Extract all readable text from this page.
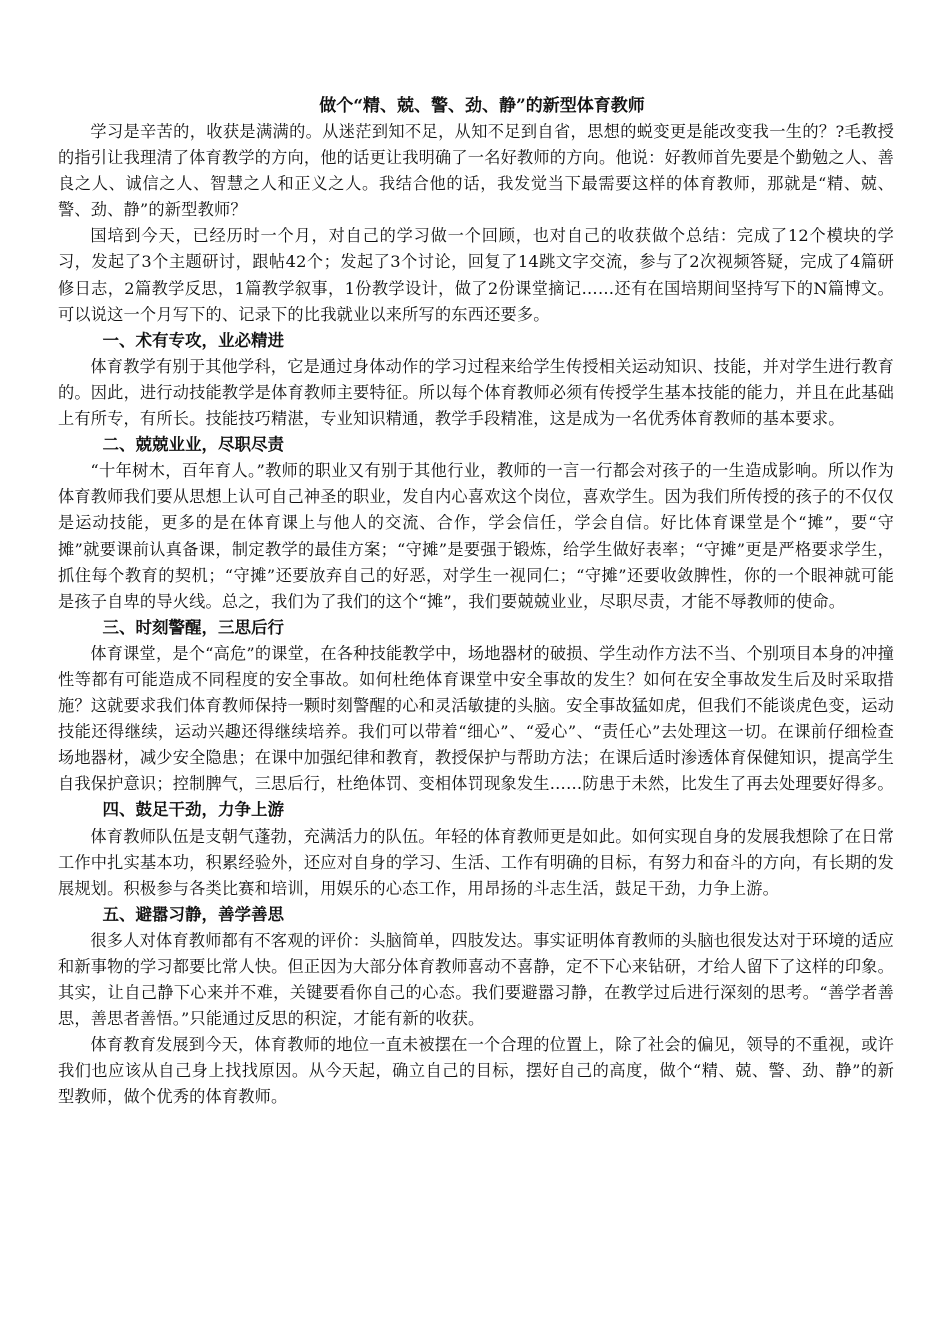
做个“精、兢、警、劲、静”的新型体育教师

学习是辛苦的，收获是满满的。从迷茫到知不足，从知不足到自省，思想的蜕变更是能改变我一生的？?毛教授的指引让我理清了体育教学的方向，他的话更让我明确了一名好教师的方向。他说：好教师首先要是个勤勉之人、善良之人、诚信之人、智慧之人和正义之人。我结合他的话，我发觉当下最需要这样的体育教师，那就是“精、兢、警、劲、静”的新型教师？

国培到今天，已经历时一个月，对自己的学习做一个回顾，也对自己的收获做个总结：完成了12个模块的学习，发起了3个主题研讨，跟帖42个；发起了3个讨论，回复了14跳文字交流，参与了2次视频答疑，完成了4篇研修日志，2篇教学反思，1篇教学叙事，1份教学设计，做了2份课堂摘记……还有在国培期间坚持写下的N篇博文。可以说这一个月写下的、记录下的比我就业以来所写的东西还要多。

一、术有专攻，业必精进

体育教学有别于其他学科，它是通过身体动作的学习过程来给学生传授相关运动知识、技能，并对学生进行教育的。因此，进行动技能教学是体育教师主要特征。所以每个体育教师必须有传授学生基本技能的能力，并且在此基础上有所专，有所长。技能技巧精湛，专业知识精通，教学手段精准，这是成为一名优秀体育教师的基本要求。

二、兢兢业业，尽职尽责

“十年树木，百年育人。”教师的职业又有别于其他行业，教师的一言一行都会对孩子的一生造成影响。所以作为体育教师我们要从思想上认可自己神圣的职业，发自内心喜欢这个岗位，喜欢学生。因为我们所传授的孩子的不仅仅是运动技能，更多的是在体育课上与他人的交流、合作，学会信任，学会自信。好比体育课堂是个“摊”，要“守摊”就要课前认真备课，制定教学的最佳方案；“守摊”是要强于锻炼，给学生做好表率；“守摊”更是严格要求学生，抓住每个教育的契机；“守摊”还要放弃自己的好恶，对学生一视同仁；“守摊”还要收敛脾性，你的一个眼神就可能是孩子自卑的导火线。总之，我们为了我们的这个“摊”，我们要兢兢业业，尽职尽责，才能不辱教师的使命。

三、时刻警醒，三思后行

体育课堂，是个“高危”的课堂，在各种技能教学中，场地器材的破损、学生动作方法不当、个别项目本身的冲撞性等都有可能造成不同程度的安全事故。如何杜绝体育课堂中安全事故的发生？如何在安全事故发生后及时采取措施？这就要求我们体育教师保持一颗时刻警醒的心和灵活敏捷的头脑。安全事故猛如虎，但我们不能谈虎色变，运动技能还得继续，运动兴趣还得继续培养。我们可以带着“细心”、“爱心”、“责任心”去处理这一切。在课前仔细检查场地器材，减少安全隐患；在课中加强纪律和教育，教授保护与帮助方法；在课后适时渗透体育保健知识，提高学生自我保护意识；控制脾气，三思后行，杜绝体罚、变相体罚现象发生……防患于未然，比发生了再去处理要好得多。

四、鼓足干劲，力争上游

体育教师队伍是支朝气蓬勃，充满活力的队伍。年轻的体育教师更是如此。如何实现自身的发展我想除了在日常工作中扎实基本功，积累经验外，还应对自身的学习、生活、工作有明确的目标，有努力和奋斗的方向，有长期的发展规划。积极参与各类比赛和培训，用娱乐的心态工作，用昂扬的斗志生活，鼓足干劲，力争上游。

五、避嚣习静，善学善思

很多人对体育教师都有不客观的评价：头脑简单，四肢发达。事实证明体育教师的头脑也很发达对于环境的适应和新事物的学习都要比常人快。但正因为大部分体育教师喜动不喜静，定不下心来钻研，才给人留下了这样的印象。其实，让自己静下心来并不难，关键要看你自己的心态。我们要避嚣习静，在教学过后进行深刻的思考。“善学者善思，善思者善悟。”只能通过反思的积淀，才能有新的收获。

体育教育发展到今天，体育教师的地位一直未被摆在一个合理的位置上，除了社会的偏见，领导的不重视，或许我们也应该从自己身上找找原因。从今天起，确立自己的目标，摆好自己的高度，做个“精、兢、警、劲、静”的新型教师，做个优秀的体育教师。
